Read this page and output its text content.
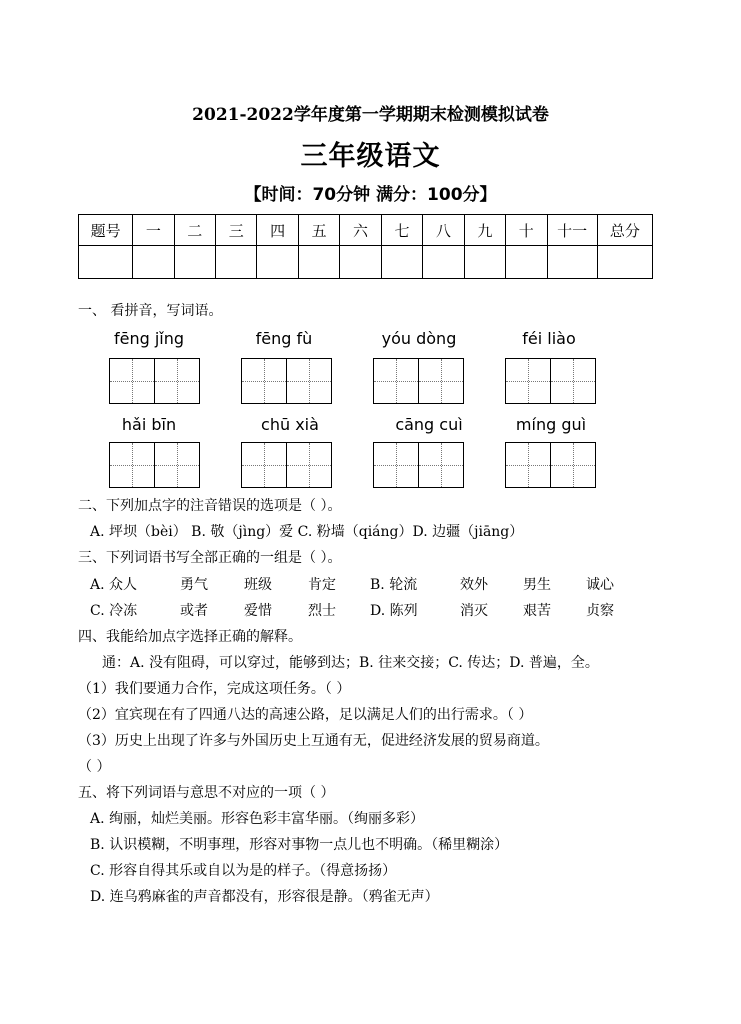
2021-2022学年度第一学期期末检测模拟试卷
三年级语文
【时间：70分钟 满分：100分】
题号	一	二	三	四	五	六	七	八	九	十	十一	总分

一、 看拼音，写词语。
fēng jǐng	fēng fù	yóu dòng	féi liào
hǎi bīn	chū xià	cāng cuì	míng guì
二、下列加点字的注音错误的选项是（ ）。
A. 坪坝（bèi） B. 敬（jìng）爱 C. 粉墙（qiáng）D. 边疆（jiāng）
三、下列词语书写全部正确的一组是（ ）。
A. 众人	勇气	班级	肯定 B. 轮流	效外	男生	诚心
C. 冷冻	或者	爱惜	烈士 D. 陈列	消灭	艰苦	贞察
四、我能给加点字选择正确的解释。
通：A. 没有阻碍，可以穿过，能够到达；B. 往来交接；C. 传达；D. 普遍，全。
（1）我们要通力合作，完成这项任务。（ ）
（2）宜宾现在有了四通八达的高速公路，足以满足人们的出行需求。（ ）
（3）历史上出现了许多与外国历史上互通有无，促进经济发展的贸易商道。
（ ）
五、将下列词语与意思不对应的一项（ ）
A. 绚丽，灿烂美丽。形容色彩丰富华丽。（绚丽多彩）
B. 认识模糊，不明事理，形容对事物一点儿也不明确。（稀里糊涂）
C. 形容自得其乐或自以为是的样子。（得意扬扬）
D. 连乌鸦麻雀的声音都没有，形容很是静。（鸦雀无声）
